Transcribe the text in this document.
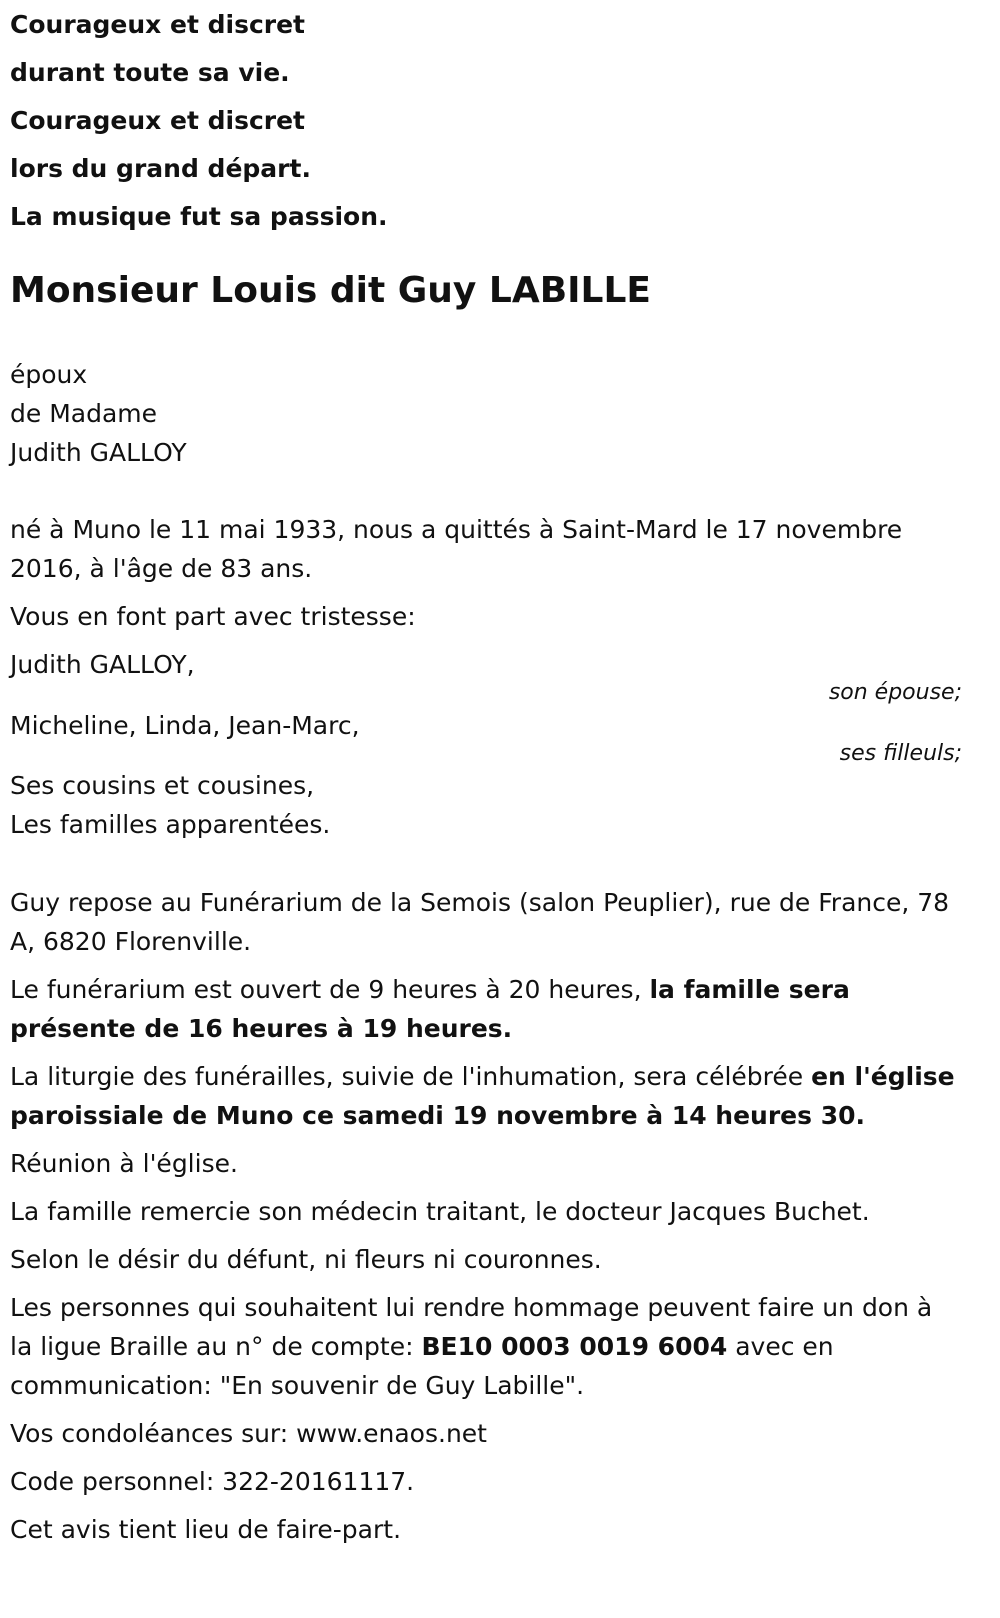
Courageux et discret

durant toute sa vie.

Courageux et discret

lors du grand départ.

La musique fut sa passion.

Monsieur Louis dit Guy LABILLE
époux
de Madame
Judith GALLOY

né à Muno le 11 mai 1933, nous a quittés à Saint-Mard le 17 novembre 2016, à l'âge de 83 ans.

Vous en font part avec tristesse:

Judith GALLOY,
son épouse;
Micheline, Linda, Jean-Marc,
ses filleuls;
Ses cousins et cousines,
Les familles apparentées.

Guy repose au Funérarium de la Semois (salon Peuplier), rue de France, 78 A, 6820 Florenville.

Le funérarium est ouvert de 9 heures à 20 heures, la famille sera présente de 16 heures à 19 heures.

La liturgie des funérailles, suivie de l'inhumation, sera célébrée en l'église paroissiale de Muno ce samedi 19 novembre à 14 heures 30.

Réunion à l'église.

La famille remercie son médecin traitant, le docteur Jacques Buchet.

Selon le désir du défunt, ni fleurs ni couronnes.

Les personnes qui souhaitent lui rendre hommage peuvent faire un don à la ligue Braille au n° de compte: BE10 0003 0019 6004 avec en communication: "En souvenir de Guy Labille".

Vos condoléances sur: www.enaos.net

Code personnel: 322-20161117.

Cet avis tient lieu de faire-part.
